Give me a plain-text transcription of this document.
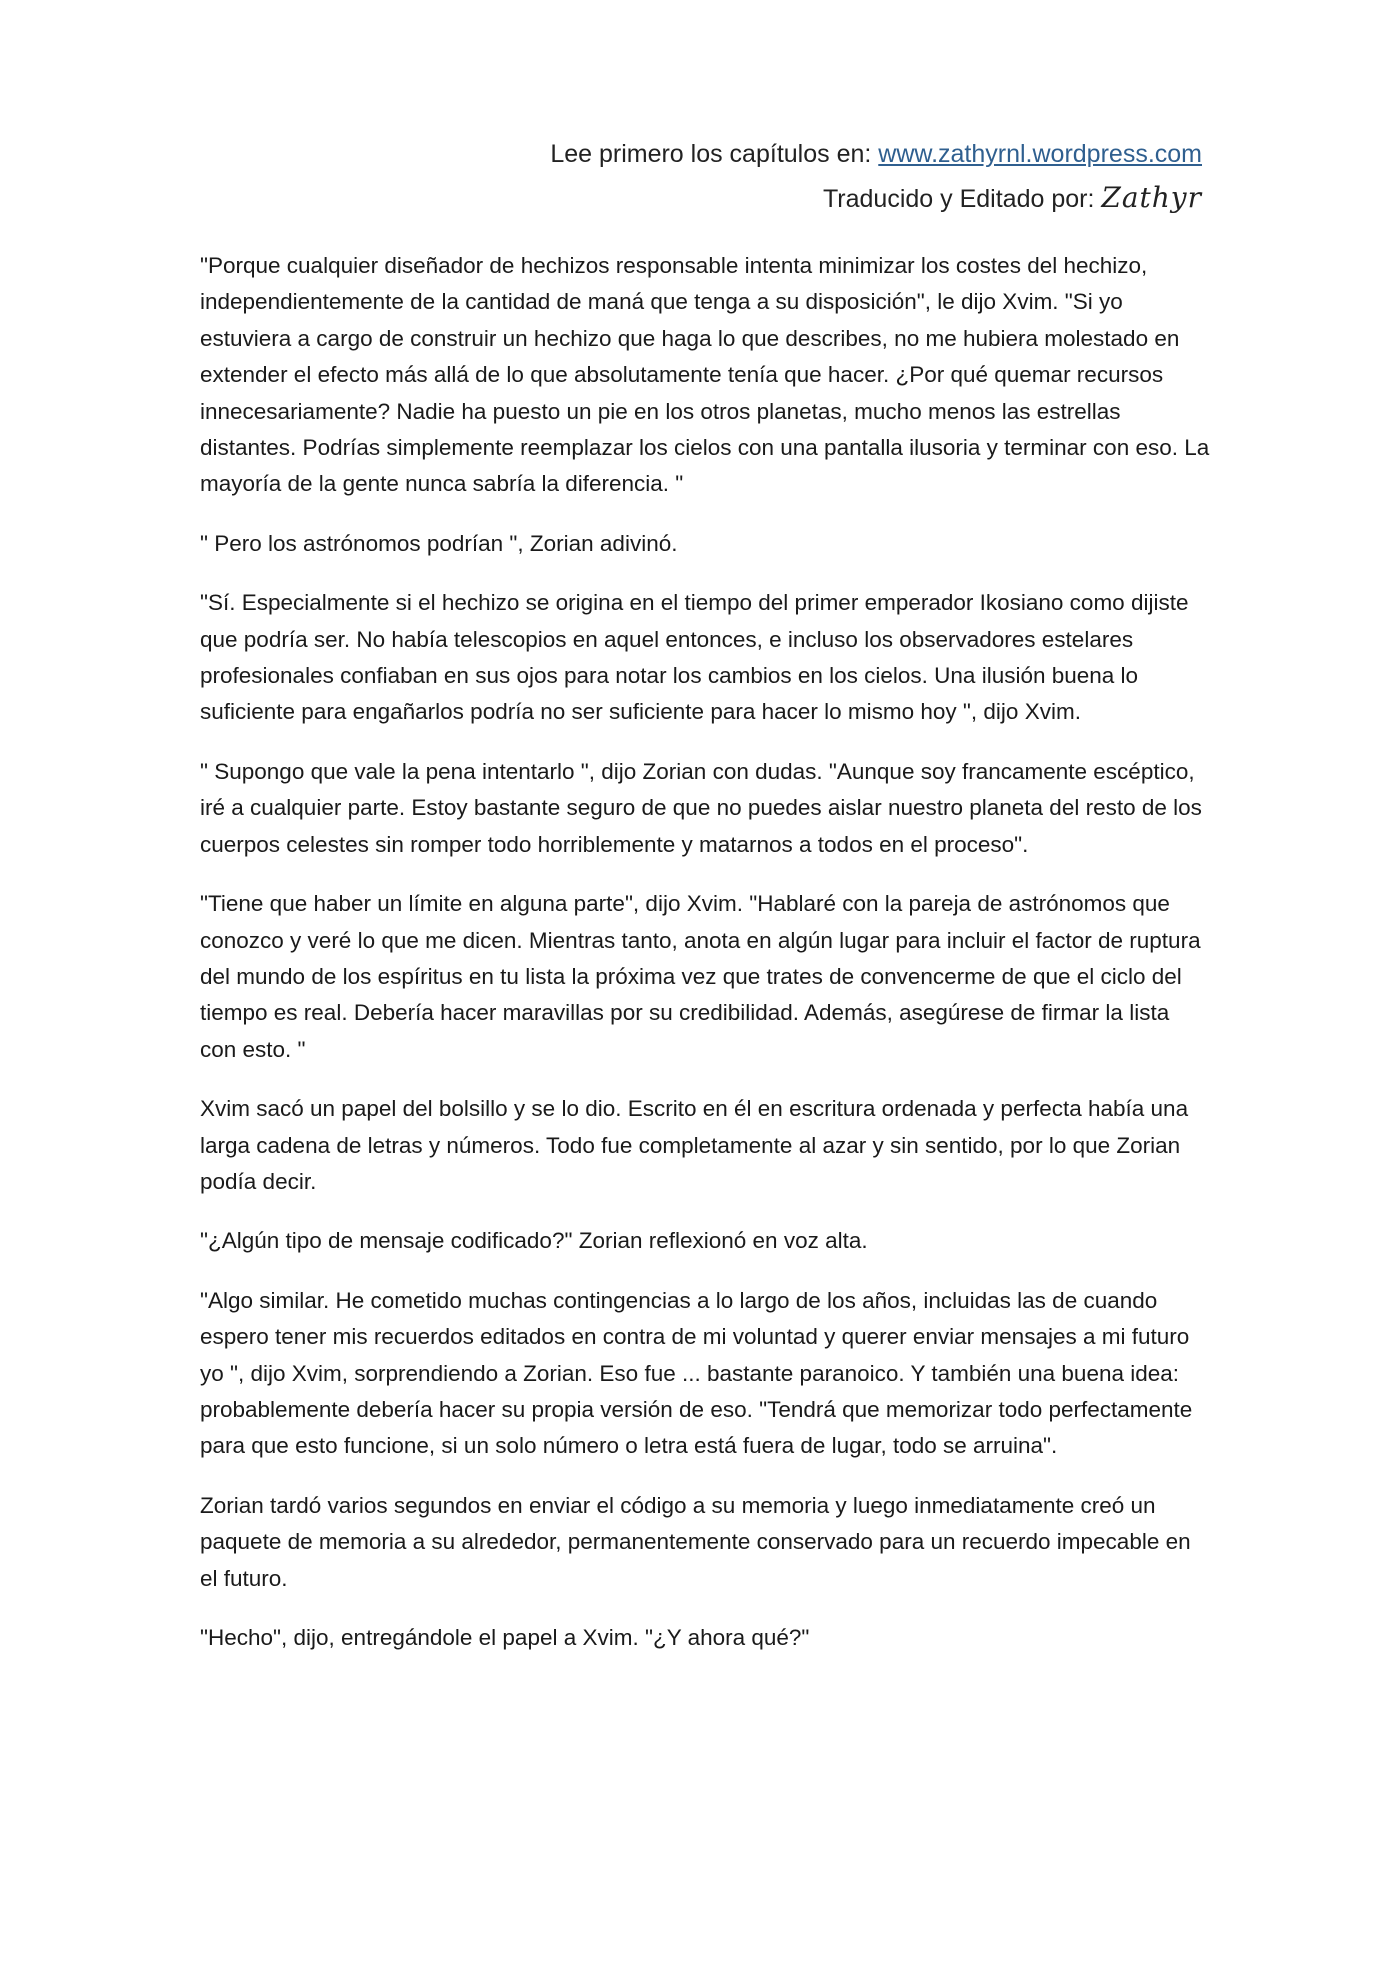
Lee primero los capítulos en: www.zathyrnl.wordpress.com
Traducido y Editado por: Zathyr

"Porque cualquier diseñador de hechizos responsable intenta minimizar los costes del hechizo, independientemente de la cantidad de maná que tenga a su disposición", le dijo Xvim. "Si yo estuviera a cargo de construir un hechizo que haga lo que describes, no me hubiera molestado en extender el efecto más allá de lo que absolutamente tenía que hacer. ¿Por qué quemar recursos innecesariamente? Nadie ha puesto un pie en los otros planetas, mucho menos las estrellas distantes. Podrías simplemente reemplazar los cielos con una pantalla ilusoria y terminar con eso. La mayoría de la gente nunca sabría la diferencia. "

" Pero los astrónomos podrían ", Zorian adivinó.

"Sí. Especialmente si el hechizo se origina en el tiempo del primer emperador Ikosiano como dijiste que podría ser. No había telescopios en aquel entonces, e incluso los observadores estelares profesionales confiaban en sus ojos para notar los cambios en los cielos. Una ilusión buena lo suficiente para engañarlos podría no ser suficiente para hacer lo mismo hoy ", dijo Xvim.

" Supongo que vale la pena intentarlo ", dijo Zorian con dudas. "Aunque soy francamente escéptico, iré a cualquier parte. Estoy bastante seguro de que no puedes aislar nuestro planeta del resto de los cuerpos celestes sin romper todo horriblemente y matarnos a todos en el proceso".

"Tiene que haber un límite en alguna parte", dijo Xvim. "Hablaré con la pareja de astrónomos que conozco y veré lo que me dicen. Mientras tanto, anota en algún lugar para incluir el factor de ruptura del mundo de los espíritus en tu lista la próxima vez que trates de convencerme de que el ciclo del tiempo es real. Debería hacer maravillas por su credibilidad. Además, asegúrese de firmar la lista con esto. "

Xvim sacó un papel del bolsillo y se lo dio. Escrito en él en escritura ordenada y perfecta había una larga cadena de letras y números. Todo fue completamente al azar y sin sentido, por lo que Zorian podía decir.

"¿Algún tipo de mensaje codificado?" Zorian reflexionó en voz alta.

"Algo similar. He cometido muchas contingencias a lo largo de los años, incluidas las de cuando espero tener mis recuerdos editados en contra de mi voluntad y querer enviar mensajes a mi futuro yo ", dijo Xvim, sorprendiendo a Zorian. Eso fue ... bastante paranoico. Y también una buena idea: probablemente debería hacer su propia versión de eso. "Tendrá que memorizar todo perfectamente para que esto funcione, si un solo número o letra está fuera de lugar, todo se arruina".

Zorian tardó varios segundos en enviar el código a su memoria y luego inmediatamente creó un paquete de memoria a su alrededor, permanentemente conservado para un recuerdo impecable en el futuro.

"Hecho", dijo, entregándole el papel a Xvim. "¿Y ahora qué?"
